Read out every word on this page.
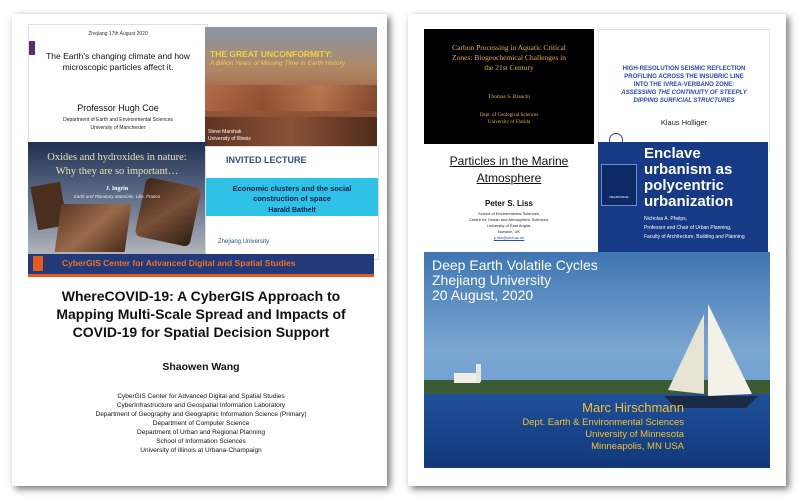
Zhejiang 17th August 2020
The Earth's changing climate and how
microscopic particles affect it.
Professor Hugh Coe
Department of Earth and Environmental Sciences
University of Manchester
THE GREAT UNCONFORMITY:
A Billion Years of Missing Time in Earth History
Steve Marshak
University of Illinois
Oxides and hydroxides in nature:
Why they are so important…
J. Ingrin
Earth and Planetary Materials, Lille, France
INVITED LECTURE
Economic clusters and the social
construction of space
Harald Bathelt
Zhejiang University
CyberGIS Center for Advanced Digital and Spatial Studies
WhereCOVID-19: A CyberGIS Approach to
Mapping Multi-Scale Spread and Impacts of
COVID-19 for Spatial Decision Support
Shaowen Wang
CyberGIS Center for Advanced Digital and Spatial Studies
CyberInfrastructure and Geospatial Information Laboratory
Department of Geography and Geographic Information Science (Primary)
Department of Computer Science
Department of Urban and Regional Planning
School of Information Sciences
University of Illinois at Urbana-Champaign
Carbon Processing in Aquatic Critical
Zones: Biogeochemical Challenges in
the 21st Century
Thomas S. Bianchi
Dept. of Geological Sciences
University of Florida
HIGH-RESOLUTION SEISMIC REFLECTION
PROFILING ACROSS THE INSUBRIC LINE
INTO THE IVREA-VERBANO ZONE:
ASSESSING THE CONTINUITY OF STEEPLY
DIPPING SURFICIAL STRUCTURES
Klaus Holliger
Particles in the Marine
Atmosphere
Peter S. Liss
School of Environmental Sciences,
Centre for Ocean and Atmospheric Sciences,
University of East Anglia,
Norwich, UK
p.liss@uea.ac.uk
MELBOURNE
Enclave
urbanism as
polycentric
urbanization
Nicholas A. Phelps,
Professor and Chair of Urban Planning,
Faculty of Architecture, Building and Planning
Deep Earth Volatile Cycles
Zhejiang University
20 August, 2020
Marc Hirschmann
Dept. Earth & Environmental Sciences
University of Minnesota
Minneapolis, MN USA
